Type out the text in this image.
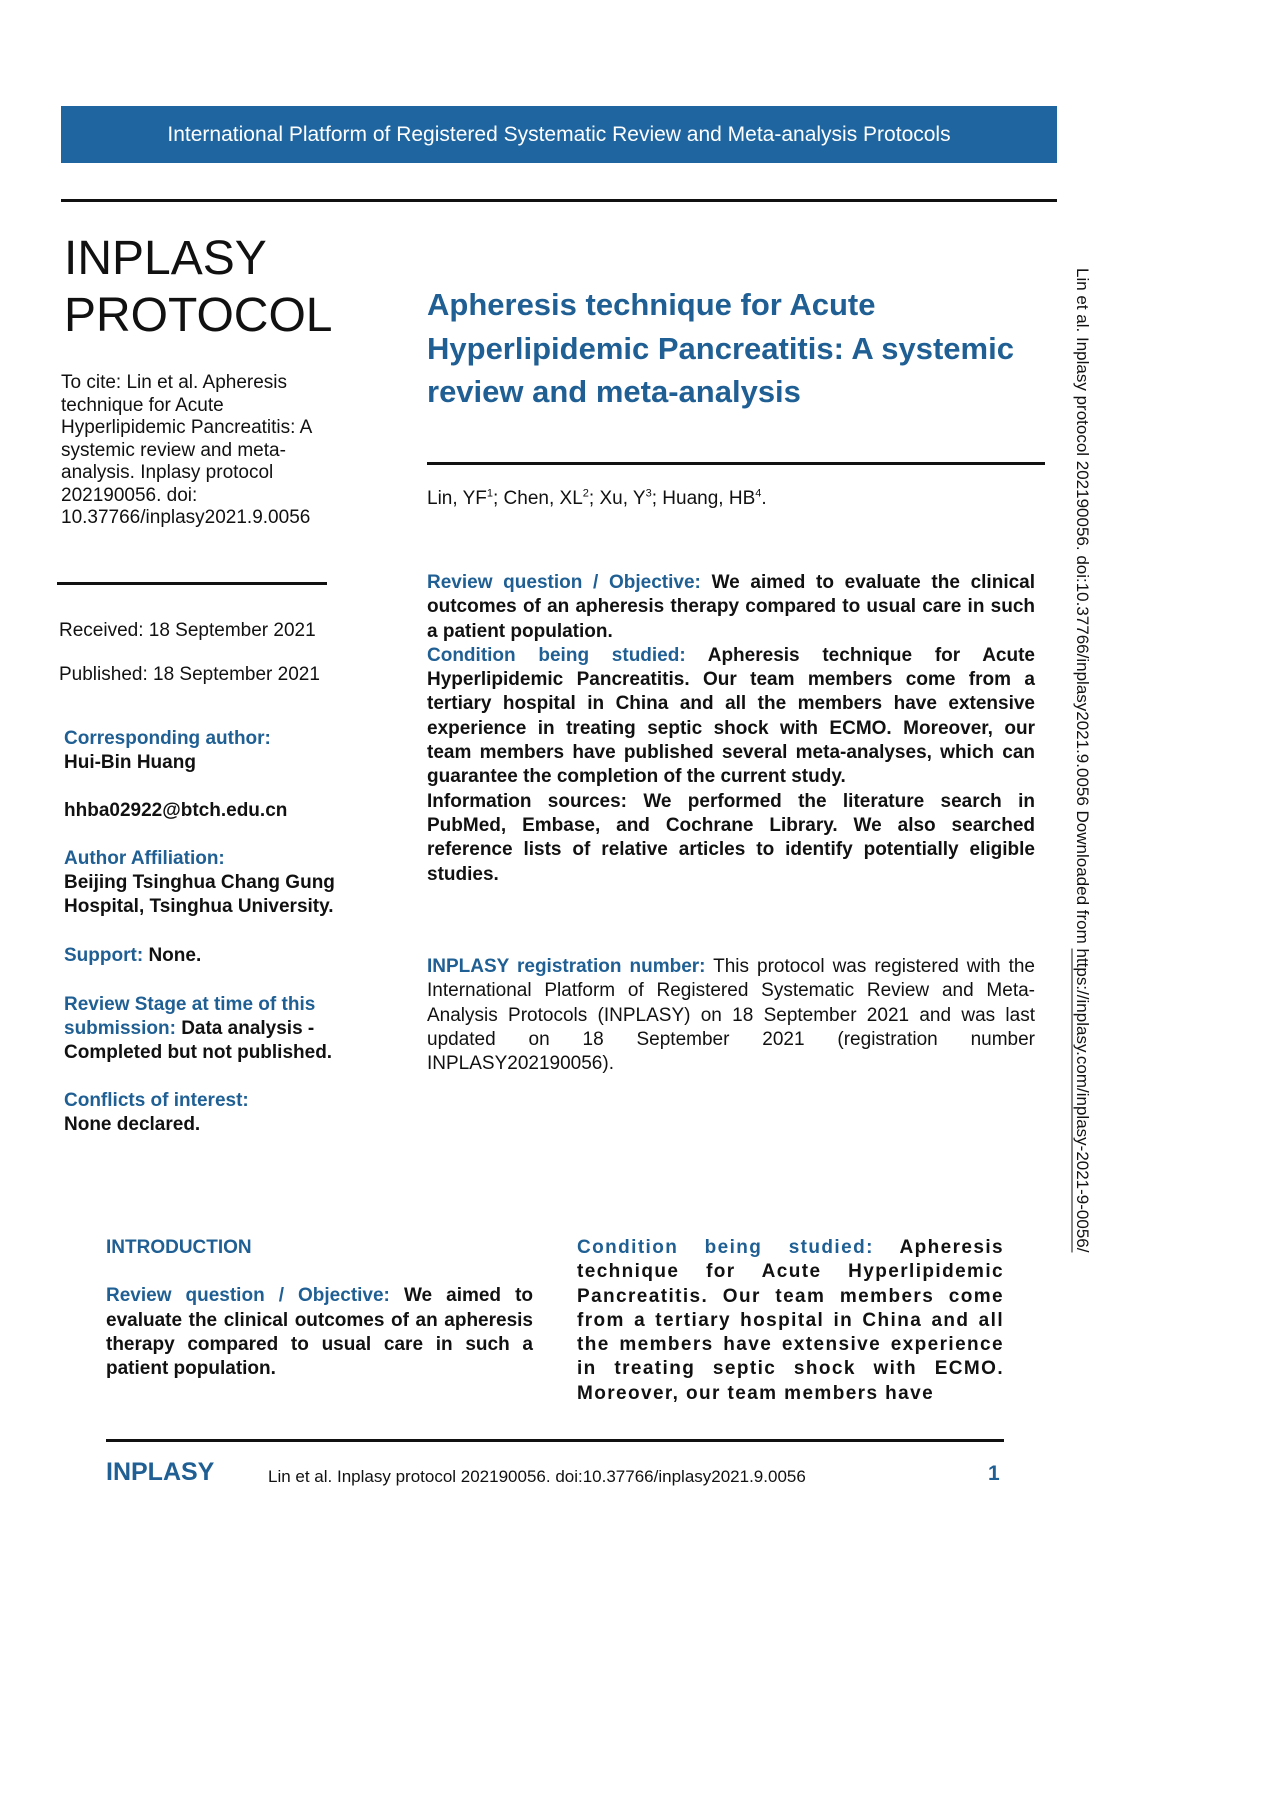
International Platform of Registered Systematic Review and Meta-analysis Protocols
INPLASY
PROTOCOL
To cite: Lin et al. Apheresis technique for Acute Hyperlipidemic Pancreatitis: A systemic review and meta-analysis. Inplasy protocol 202190056. doi: 10.37766/inplasy2021.9.0056
Received: 18 September 2021
Published: 18 September 2021
Corresponding author:
Hui-Bin Huang
hhba02922@btch.edu.cn
Author Affiliation:
Beijing Tsinghua Chang Gung Hospital, Tsinghua University.
Support: None.
Review Stage at time of this submission: Data analysis - Completed but not published.
Conflicts of interest:
None declared.
Apheresis technique for Acute Hyperlipidemic Pancreatitis: A systemic review and meta-analysis
Lin, $YF^1$; Chen, $XL^2$; Xu, $Y^3$; Huang, $HB^4$.
Review question / Objective: We aimed to evaluate the clinical outcomes of an apheresis therapy compared to usual care in such a patient population.
Condition being studied: Apheresis technique for Acute Hyperlipidemic Pancreatitis. Our team members come from a tertiary hospital in China and all the members have extensive experience in treating septic shock with ECMO. Moreover, our team members have published several meta-analyses, which can guarantee the completion of the current study.
Information sources: We performed the literature search in PubMed, Embase, and Cochrane Library. We also searched reference lists of relative articles to identify potentially eligible studies.
INPLASY registration number: This protocol was registered with the International Platform of Registered Systematic Review and Meta-Analysis Protocols (INPLASY) on 18 September 2021 and was last updated on 18 September 2021 (registration number INPLASY202190056).
INTRODUCTION
Review question / Objective: We aimed to evaluate the clinical outcomes of an apheresis therapy compared to usual care in such a patient population.
Condition being studied: Apheresis technique for Acute Hyperlipidemic Pancreatitis. Our team members come from a tertiary hospital in China and all the members have extensive experience in treating septic shock with ECMO. Moreover, our team members have
INPLASY	Lin et al. Inplasy protocol 202190056. doi:10.37766/inplasy2021.9.0056	1
Lin et al. Inplasy protocol 202190056. doi:10.37766/inplasy2021.9.0056 Downloaded from https://inplasy.com/inplasy-2021-9-0056/
